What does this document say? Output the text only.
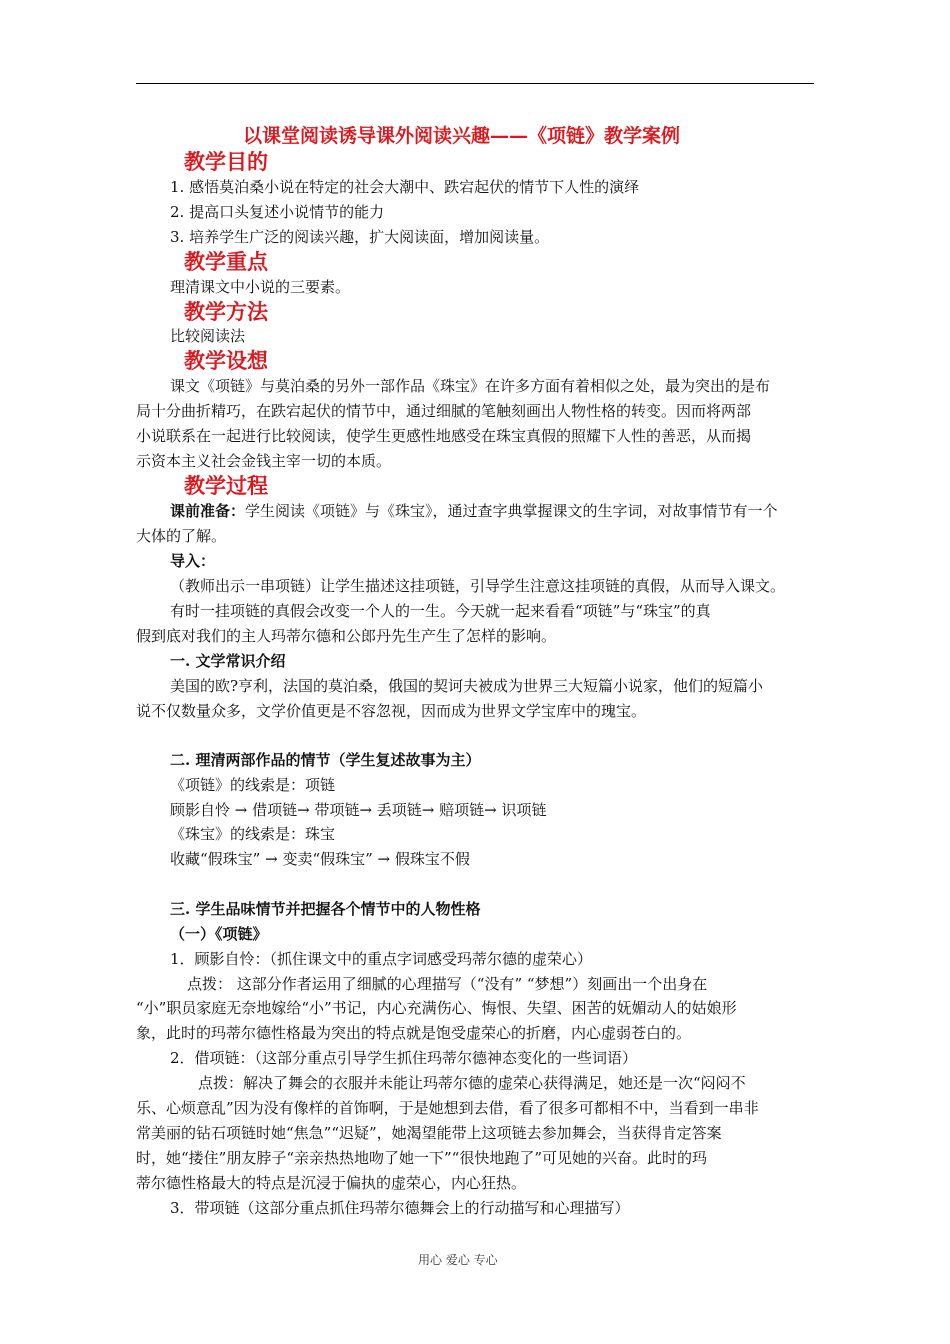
以课堂阅读诱导课外阅读兴趣——《项链》教学案例
教学目的
1. 感悟莫泊桑小说在特定的社会大潮中、跌宕起伏的情节下人性的演绎
2. 提高口头复述小说情节的能力
3. 培养学生广泛的阅读兴趣，扩大阅读面，增加阅读量。
教学重点
理清课文中小说的三要素。
教学方法
比较阅读法
教学设想
课文《项链》与莫泊桑的另外一部作品《珠宝》在许多方面有着相似之处，最为突出的是布
局十分曲折精巧，在跌宕起伏的情节中，通过细腻的笔触刻画出人物性格的转变。因而将两部
小说联系在一起进行比较阅读，使学生更感性地感受在珠宝真假的照耀下人性的善恶，从而揭
示资本主义社会金钱主宰一切的本质。
教学过程
课前准备：学生阅读《项链》与《珠宝》，通过查字典掌握课文的生字词，对故事情节有一个
大体的了解。
导入：
（教师出示一串项链）让学生描述这挂项链，引导学生注意这挂项链的真假，从而导入课文。
有时一挂项链的真假会改变一个人的一生。今天就一起来看看“项链”与“珠宝”的真
假到底对我们的主人玛蒂尔德和公郎丹先生产生了怎样的影响。
一. 文学常识介绍
美国的欧?亨利，法国的莫泊桑，俄国的契诃夫被成为世界三大短篇小说家，他们的短篇小
说不仅数量众多，文学价值更是不容忽视，因而成为世界文学宝库中的瑰宝。
二. 理清两部作品的情节（学生复述故事为主）
《项链》的线索是：项链
顾影自怜 → 借项链→ 带项链→ 丢项链→ 赔项链→ 识项链
《珠宝》的线索是：珠宝
收藏“假珠宝” → 变卖“假珠宝” → 假珠宝不假
三. 学生品味情节并把握各个情节中的人物性格
（一）《项链》
1．顾影自怜：（抓住课文中的重点字词感受玛蒂尔德的虚荣心）
点拨： 这部分作者运用了细腻的心理描写（“没有” “梦想”）刻画出一个出身在
“小”职员家庭无奈地嫁给“小”书记，内心充满伤心、悔恨、失望、困苦的妩媚动人的姑娘形
象，此时的玛蒂尔德性格最为突出的特点就是饱受虚荣心的折磨，内心虚弱苍白的。
2．借项链：（这部分重点引导学生抓住玛蒂尔德神态变化的一些词语）
点拨：解决了舞会的衣服并未能让玛蒂尔德的虚荣心获得满足，她还是一次“闷闷不
乐、心烦意乱”因为没有像样的首饰啊，于是她想到去借，看了很多可都相不中，当看到一串非
常美丽的钻石项链时她“焦急”“迟疑”，她渴望能带上这项链去参加舞会，当获得肯定答案
时，她“搂住”朋友脖子“亲亲热热地吻了她一下”“很快地跑了”可见她的兴奋。此时的玛
蒂尔德性格最大的特点是沉浸于偏执的虚荣心，内心狂热。
3．带项链（这部分重点抓住玛蒂尔德舞会上的行动描写和心理描写）
用心 爱心 专心
